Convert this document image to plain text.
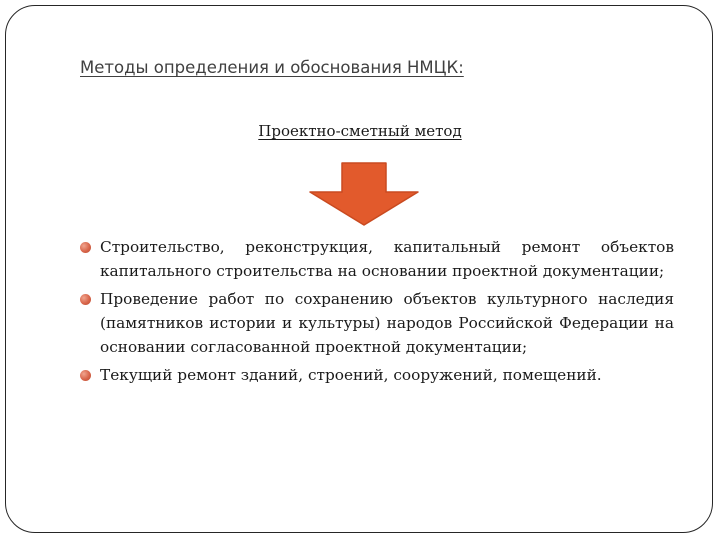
Методы определения и обоснования НМЦК:
Проектно-сметный метод
Строительство, реконструкция, капитальный ремонт объектов капитального строительства на основании проектной документации;
Проведение работ по сохранению объектов культурного наследия (памятников истории и культуры) народов Российской Федерации на основании согласованной проектной документации;
Текущий ремонт зданий, строений, сооружений, помещений.
